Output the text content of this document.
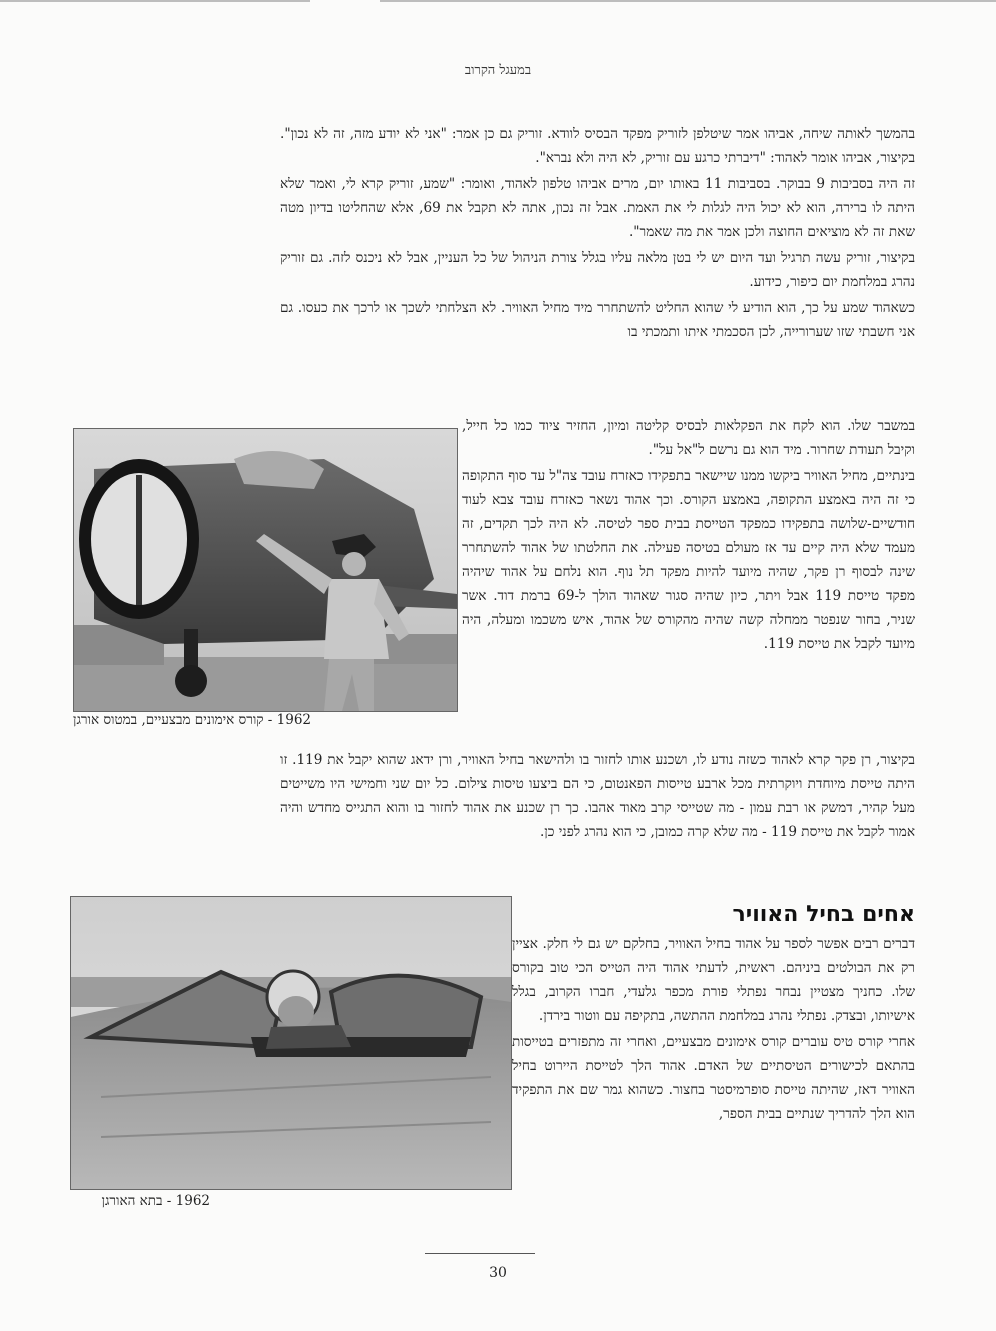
במעגל הקרוב

בהמשך לאותה שיחה, אביהו אמר שיטלפן לזוריק מפקד הבסיס לוודא. זוריק גם כן אמר: "אני לא יודע מזה, זה לא נכון". בקיצור, אביהו אומר לאהוד: "דיברתי כרגע עם זוריק, לא היה ולא נברא".

זה היה בסביבות 9 בבוקר. בסביבות 11 באותו יום, מרים אביהו טלפון לאהוד, ואומר: "שמע, זוריק קרא לי, ואמר שלא היתה לו ברירה, הוא לא יכול היה לגלות לי את האמת. אבל זה נכון, אתה לא תקבל את 69, אלא שהחליטו בדיון מטה שאת זה לא מוציאים החוצה ולכן אמר את מה שאמר".

בקיצור, זוריק עשה תרגיל ועד היום יש לי בטן מלאה עליו בגלל צורת הניהול של כל העניין, אבל לא ניכנס לזה. גם זוריק נהרג במלחמת יום כיפור, כידוע.

כשאהוד שמע על כך, הוא הודיע לי שהוא החליט להשתחרר מיד מחיל האוויר. לא הצלחתי לשכך או לרכך את כעסו. גם אני חשבתי שזו שערורייה, לכן הסכמתי איתו ותמכתי בו

במשבר שלו. הוא לקח את הפקלאות לבסיס קליטה ומיון, החזיר ציוד כמו כל חייל, וקיבל תעודת שחרור. מיד הוא גם נרשם ל"אל על".

בינתיים, מחיל האוויר ביקשו ממנו שיישאר בתפקידו כאזרח עובד צה"ל עד סוף התקופה כי זה היה באמצע התקופה, באמצע הקורס. וכך אהוד נשאר כאזרח עובד צבא לעוד חודשיים-שלושה בתפקידו כמפקד הטייסת בבית ספר לטיסה. לא היה לכך תקדים, זה מעמד שלא היה קיים עד אז מעולם בטיסה פעילה. את החלטתו של אהוד להשתחרר שינה לבסוף רן פקר, שהיה מיועד להיות מפקד תל נוף. הוא נלחם על אהוד שיהיה מפקד טייסת 119 אבל ויתר, כיון שהיה סגור שאהוד הולך ל-69 ברמת דוד. אשר שניר, בחור שנפטר ממחלה קשה שהיה מהקורס של אהוד, איש משכמו ומעלה, היה מיועד לקבל את טייסת 119.

1962 - קורס אימונים מבצעיים, במטוס אורגן

בקיצור, רן פקר קרא לאהוד כשזה נודע לו, ושכנע אותו לחזור בו ולהישאר בחיל האוויר, ורן ידאג שהוא יקבל את 119. זו היתה טייסת מיוחדת ויוקרתית מכל ארבע טייסות הפאנטום, כי הם ביצעו טיסות צילום. כל יום שני וחמישי היו משייטים מעל קהיר, דמשק או רבת עמון - מה שטייסי קרב מאוד אהבו. כך רן שכנע את אהוד לחזור בו והוא התגייס מחדש והיה אמור לקבל את טייסת 119 - מה שלא קרה כמובן, כי הוא נהרג לפני כן.

אחים בחיל האוויר

דברים רבים אפשר לספר על אהוד בחיל האוויר, בחלקם יש גם לי חלק. אציין רק את הבולטים ביניהם. ראשית, לדעתי אהוד היה הטייס הכי טוב בקורס שלו. כחניך מצטיין נבחר נפתלי פורת מכפר גלעדי, חברו הקרוב, בגלל אישיותו, ובצדק. נפתלי נהרג במלחמת ההתשה, בתקיפה עם ווטור בירדן.

אחרי קורס טיס עוברים קורס אימונים מבצעיים, ואחרי זה מתפזרים בטייסות בהתאם לכישורים הטיסתיים של האדם. אהוד הלך לטייסת היירוט בחיל האוויר דאז, שהיתה טייסת סופרמיסטר בחצור. כשהוא גמר שם את התפקיד הוא הלך להדריך שנתיים בבית הספר,

1962 - בתא האורגן
30
